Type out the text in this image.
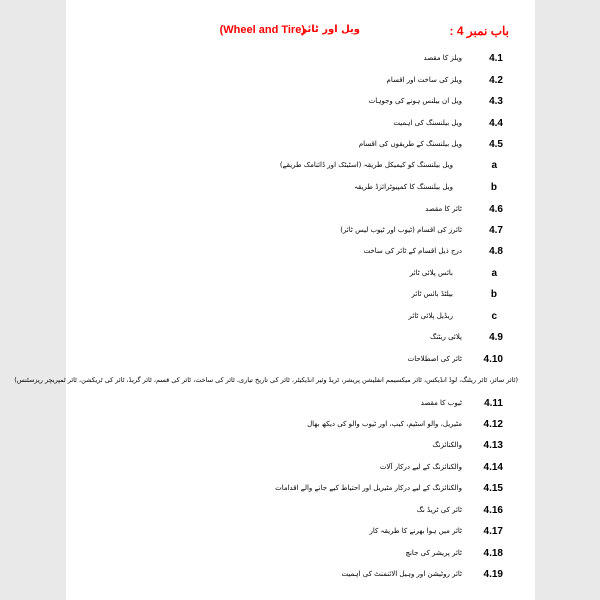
باب نمبر 4 :
ویل اور ٹائر
(Wheel and Tire)
4.1
ویلز کا مقصد
4.2
ویلز کی ساخت اور اقسام
4.3
ویل ان بیلنس ہونے کی وجوہات
4.4
ویل بیلنسنگ کی اہمیت
4.5
ویل بیلنسنگ کے طریقوں کی اقسام
a
ویل بیلنسنگ کو کیمیکل طریقہ (اسٹیٹک اور ڈائنامک طریقے)
b
ویل بیلنسنگ کا کمپیوٹرائزڈ طریقہ
4.6
ٹائر کا مقصد
4.7
ٹائرز کی اقسام (ٹیوب اور ٹیوب لیس ٹائر)
4.8
درج ذیل اقسام کے ٹائر کی ساخت
a
بائس پلائی ٹائر
b
بیلٹڈ بائس ٹائر
c
ریڈیل پلائی ٹائر
4.9
پلائی ریٹنگ
4.10
ٹائر کی اصطلاحات
(ٹائر سائز، ٹائر ریٹنگ، لوڈ انڈیکس، ٹائر میکسیمم انفلیشن پریشر، ٹریڈ وئیر انڈیکیٹر، ٹائر کی تاریخ تیاری، ٹائر کی ساخت، ٹائر کی قسم، ٹائر گریڈ، ٹائر کی ٹریکشن، ٹائر ٹمپریچر ریزسٹنس)
4.11
ٹیوب کا مقصد
4.12
مٹیریل، والو اسٹیم، کیپ، اور ٹیوب والو کی دیکھ بھال
4.13
والکنائزنگ
4.14
والکنائزنگ کے لیے درکار آلات
4.15
والکنائزنگ کے لیے درکار مٹیریل اور احتیاط کیے جانے والے اقدامات
4.16
ٹائر کی ٹریڈ نگ
4.17
ٹائر میں ہوا بھرنے کا طریقہ کار
4.18
ٹائر پریشر کی جانچ
4.19
ٹائر روٹیشن اور وہیل الائنمنٹ کی اہمیت
